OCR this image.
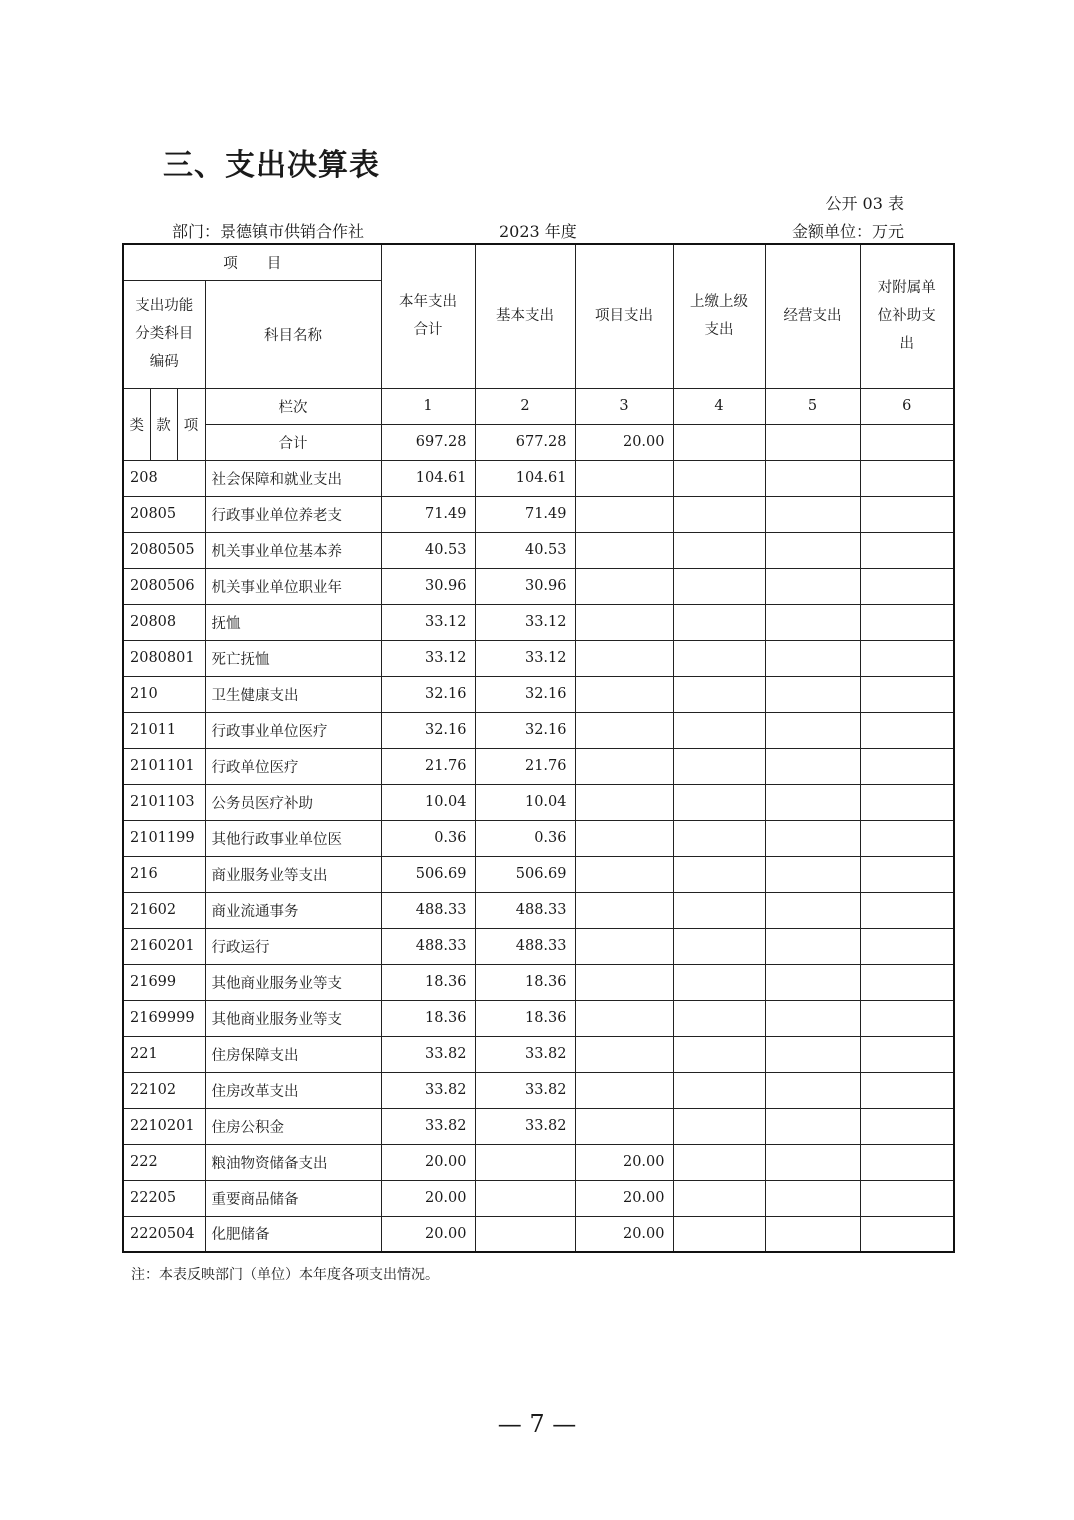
三、支出决算表
公开 03 表
部门：景德镇市供销合作社	2023 年度	金额单位：万元
项　　目				本年支出合计	基本支出	项目支出	上缴上级支出	经营支出	对附属单位补助支出

支出功能分类科目编码			科目名称						
类	款	项	栏次	1	2	3	4	5	6
			合计	697.28	677.28	20.00			
208			社会保障和就业支出	104.61	104.61				
20805			行政事业单位养老支	71.49	71.49				
2080505			机关事业单位基本养	40.53	40.53				
2080506			机关事业单位职业年	30.96	30.96				
20808			抚恤	33.12	33.12				
2080801			死亡抚恤	33.12	33.12				
210			卫生健康支出	32.16	32.16				
21011			行政事业单位医疗	32.16	32.16				
2101101			行政单位医疗	21.76	21.76				
2101103			公务员医疗补助	10.04	10.04				
2101199			其他行政事业单位医	0.36	0.36				
216			商业服务业等支出	506.69	506.69				
21602			商业流通事务	488.33	488.33				
2160201			行政运行	488.33	488.33				
21699			其他商业服务业等支	18.36	18.36				
2169999			其他商业服务业等支	18.36	18.36				
221			住房保障支出	33.82	33.82				
22102			住房改革支出	33.82	33.82				
2210201			住房公积金	33.82	33.82				
222			粮油物资储备支出	20.00		20.00			
22205			重要商品储备	20.00		20.00			
2220504			化肥储备	20.00		20.00			
注：本表反映部门（单位）本年度各项支出情况。
— 7 —
